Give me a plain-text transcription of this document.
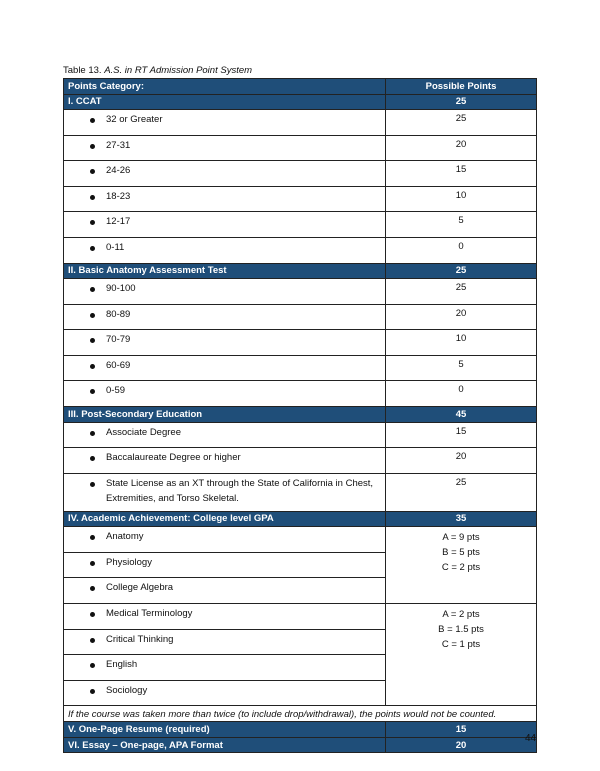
Table 13. A.S. in RT Admission Point System
Points Category:	Possible Points
I. CCAT	25

32 or Greater	25

27-31	20

24-26	15

18-23	10

12-17	5

0-11	0
II. Basic Anatomy Assessment Test	25

90-100	25

80-89	20

70-79	10

60-69	5

0-59	0
III. Post-Secondary Education	45

Associate Degree	15

Baccalaureate Degree or higher	20

State License as an XT through the State of California in Chest, Extremities, and Torso Skeletal.	25
IV. Academic Achievement: College level GPA	35

Anatomy	A = 9 pts
B = 5 pts
C = 2 pts

Physiology	

College Algebra	

Medical Terminology	A = 2 pts
B = 1.5 pts
C = 1 pts

Critical Thinking	

English	

Sociology	

If the course was taken more than twice (to include drop/withdrawal), the points would not be counted.	
V. One-Page Resume (required)	15
VI. Essay – One-page, APA Format	20
44
